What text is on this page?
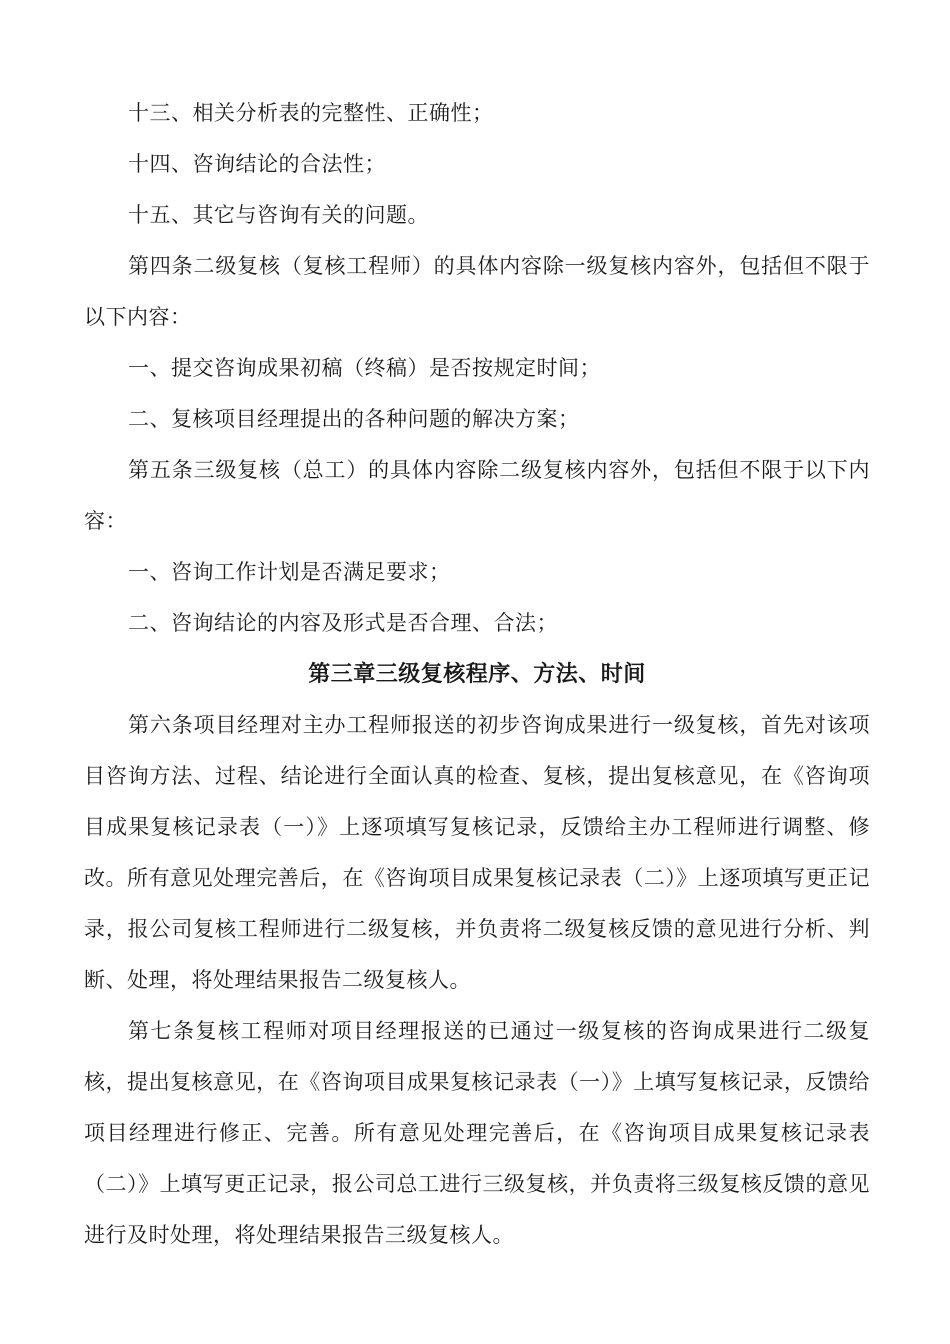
十三、相关分析表的完整性、正确性；

十四、咨询结论的合法性；

十五、其它与咨询有关的问题。

第四条二级复核（复核工程师）的具体内容除一级复核内容外，包括但不限于以下内容：

一、提交咨询成果初稿（终稿）是否按规定时间；

二、复核项目经理提出的各种问题的解决方案；

第五条三级复核（总工）的具体内容除二级复核内容外，包括但不限于以下内容：

一、咨询工作计划是否满足要求；

二、咨询结论的内容及形式是否合理、合法；

第三章三级复核程序、方法、时间

第六条项目经理对主办工程师报送的初步咨询成果进行一级复核，首先对该项目咨询方法、过程、结论进行全面认真的检查、复核，提出复核意见，在《咨询项目成果复核记录表（一）》上逐项填写复核记录，反馈给主办工程师进行调整、修改。所有意见处理完善后，在《咨询项目成果复核记录表（二）》上逐项填写更正记录，报公司复核工程师进行二级复核，并负责将二级复核反馈的意见进行分析、判断、处理，将处理结果报告二级复核人。

第七条复核工程师对项目经理报送的已通过一级复核的咨询成果进行二级复核，提出复核意见，在《咨询项目成果复核记录表（一）》上填写复核记录，反馈给项目经理进行修正、完善。所有意见处理完善后，在《咨询项目成果复核记录表（二）》上填写更正记录，报公司总工进行三级复核，并负责将三级复核反馈的意见进行及时处理，将处理结果报告三级复核人。
